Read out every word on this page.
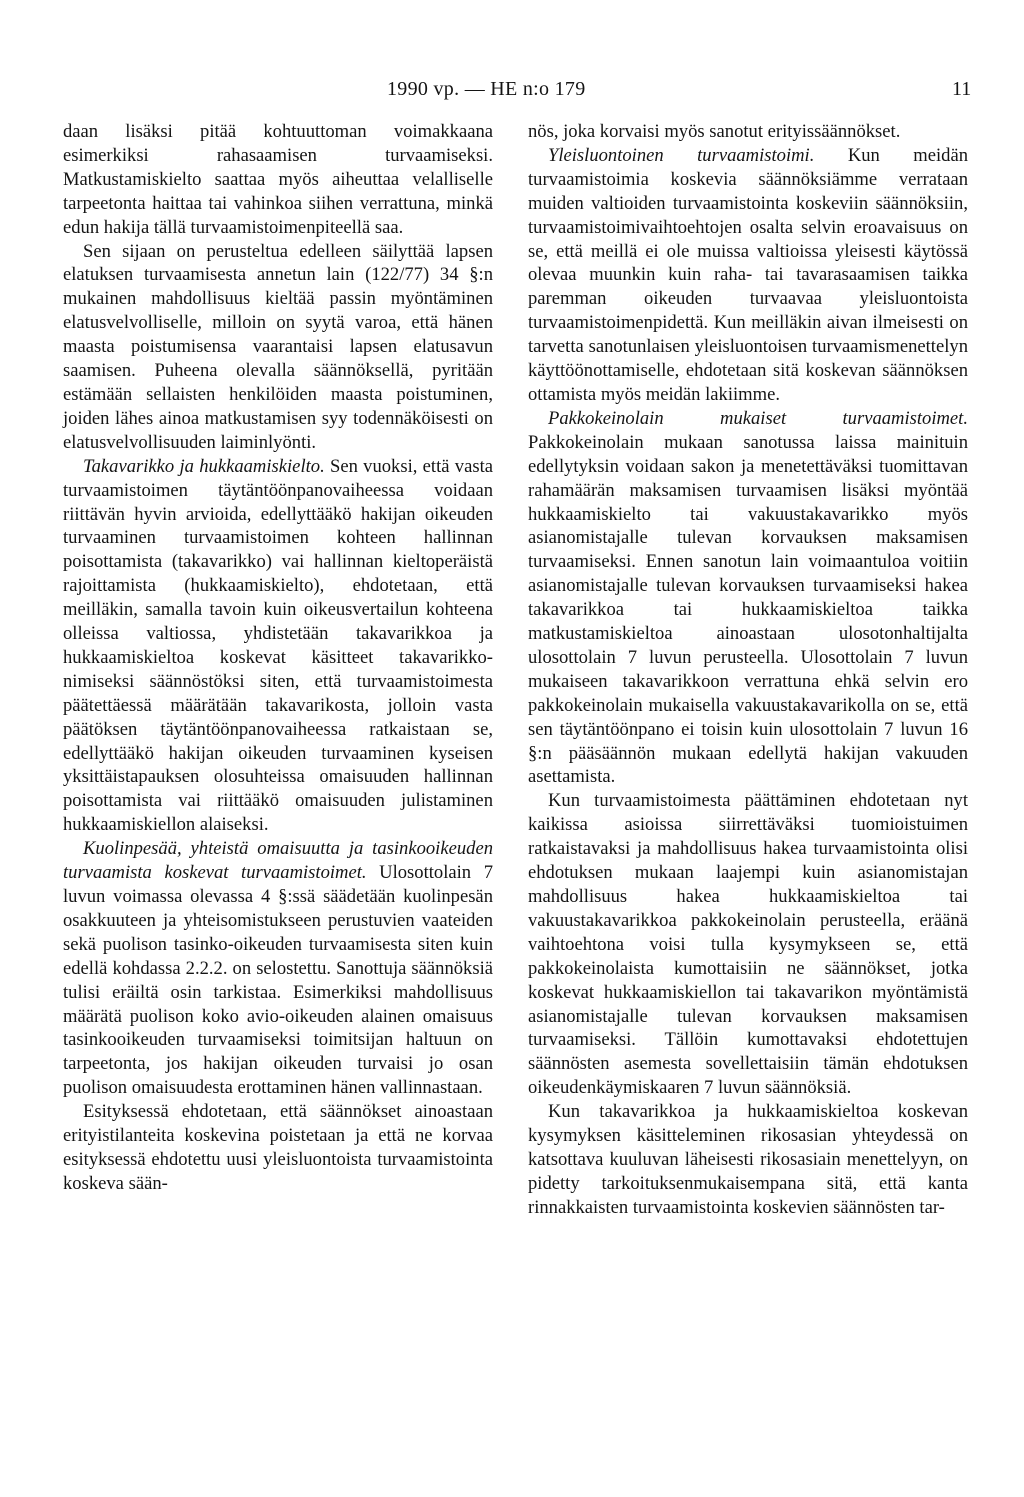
1990 vp. — HE n:o 179	11

daan lisäksi pitää kohtuuttoman voimakkaana esimerkiksi rahasaamisen turvaamiseksi. Matkustamiskielto saattaa myös aiheuttaa velalliselle tarpeetonta haittaa tai vahinkoa siihen verrattuna, minkä edun hakija tällä turvaamistoimenpiteellä saa.

Sen sijaan on perusteltua edelleen säilyttää lapsen elatuksen turvaamisesta annetun lain (122/77) 34 §:n mukainen mahdollisuus kieltää passin myöntäminen elatusvelvolliselle, milloin on syytä varoa, että hänen maasta poistumisensa vaarantaisi lapsen elatusavun saamisen. Puheena olevalla säännöksellä, pyritään estämään sellaisten henkilöiden maasta poistuminen, joiden lähes ainoa matkustamisen syy todennäköisesti on elatusvelvollisuuden laiminlyönti.

Takavarikko ja hukkaamiskielto. Sen vuoksi, että vasta turvaamistoimen täytäntöönpanovaiheessa voidaan riittävän hyvin arvioida, edellyttääkö hakijan oikeuden turvaaminen turvaamistoimen kohteen hallinnan poisottamista (takavarikko) vai hallinnan kieltoperäistä rajoittamista (hukkaamiskielto), ehdotetaan, että meilläkin, samalla tavoin kuin oikeusvertailun kohteena olleissa valtiossa, yhdistetään takavarikkoa ja hukkaamiskieltoa koskevat käsitteet takavarikko-nimiseksi säännöstöksi siten, että turvaamistoimesta päätettäessä määrätään takavarikosta, jolloin vasta päätöksen täytäntöönpanovaiheessa ratkaistaan se, edellyttääkö hakijan oikeuden turvaaminen kyseisen yksittäistapauksen olosuhteissa omaisuuden hallinnan poisottamista vai riittääkö omaisuuden julistaminen hukkaamiskiellon alaiseksi.

Kuolinpesää, yhteistä omaisuutta ja tasinkooikeuden turvaamista koskevat turvaamistoimet. Ulosottolain 7 luvun voimassa olevassa 4 §:ssä säädetään kuolinpesän osakkuuteen ja yhteisomistukseen perustuvien vaateiden sekä puolison tasinko-oikeuden turvaamisesta siten kuin edellä kohdassa 2.2.2. on selostettu. Sanottuja säännöksiä tulisi eräiltä osin tarkistaa. Esimerkiksi mahdollisuus määrätä puolison koko avio-oikeuden alainen omaisuus tasinkooikeuden turvaamiseksi toimitsijan haltuun on tarpeetonta, jos hakijan oikeuden turvaisi jo osan puolison omaisuudesta erottaminen hänen vallinnastaan.

Esityksessä ehdotetaan, että säännökset ainoastaan erityistilanteita koskevina poistetaan ja että ne korvaa esityksessä ehdotettu uusi yleisluontoista turvaamistointa koskeva sään-

nös, joka korvaisi myös sanotut erityissäännökset.

Yleisluontoinen turvaamistoimi. Kun meidän turvaamistoimia koskevia säännöksiämme verrataan muiden valtioiden turvaamistointa koskeviin säännöksiin, turvaamistoimivaihtoehtojen osalta selvin eroavaisuus on se, että meillä ei ole muissa valtioissa yleisesti käytössä olevaa muunkin kuin raha- tai tavarasaamisen taikka paremman oikeuden turvaavaa yleisluontoista turvaamistoimenpidettä. Kun meilläkin aivan ilmeisesti on tarvetta sanotunlaisen yleisluontoisen turvaamismenettelyn käyttöönottamiselle, ehdotetaan sitä koskevan säännöksen ottamista myös meidän lakiimme.

Pakkokeinolain mukaiset turvaamistoimet. Pakkokeinolain mukaan sanotussa laissa mainituin edellytyksin voidaan sakon ja menetettäväksi tuomittavan rahamäärän maksamisen turvaamisen lisäksi myöntää hukkaamiskielto tai vakuustakavarikko myös asianomistajalle tulevan korvauksen maksamisen turvaamiseksi. Ennen sanotun lain voimaantuloa voitiin asianomistajalle tulevan korvauksen turvaamiseksi hakea takavarikkoa tai hukkaamiskieltoa taikka matkustamiskieltoa ainoastaan ulosotonhaltijalta ulosottolain 7 luvun perusteella. Ulosottolain 7 luvun mukaiseen takavarikkoon verrattuna ehkä selvin ero pakkokeinolain mukaisella vakuustakavarikolla on se, että sen täytäntöönpano ei toisin kuin ulosottolain 7 luvun 16 §:n pääsäännön mukaan edellytä hakijan vakuuden asettamista.

Kun turvaamistoimesta päättäminen ehdotetaan nyt kaikissa asioissa siirrettäväksi tuomioistuimen ratkaistavaksi ja mahdollisuus hakea turvaamistointa olisi ehdotuksen mukaan laajempi kuin asianomistajan mahdollisuus hakea hukkaamiskieltoa tai vakuustakavarikkoa pakkokeinolain perusteella, eräänä vaihtoehtona voisi tulla kysymykseen se, että pakkokeinolaista kumottaisiin ne säännökset, jotka koskevat hukkaamiskiellon tai takavarikon myöntämistä asianomistajalle tulevan korvauksen maksamisen turvaamiseksi. Tällöin kumottavaksi ehdotettujen säännösten asemesta sovellettaisiin tämän ehdotuksen oikeudenkäymiskaaren 7 luvun säännöksiä.

Kun takavarikkoa ja hukkaamiskieltoa koskevan kysymyksen käsitteleminen rikosasian yhteydessä on katsottava kuuluvan läheisesti rikosasiain menettelyyn, on pidetty tarkoituksenmukaisempana sitä, että kanta rinnakkaisten turvaamistointa koskevien säännösten tar-
